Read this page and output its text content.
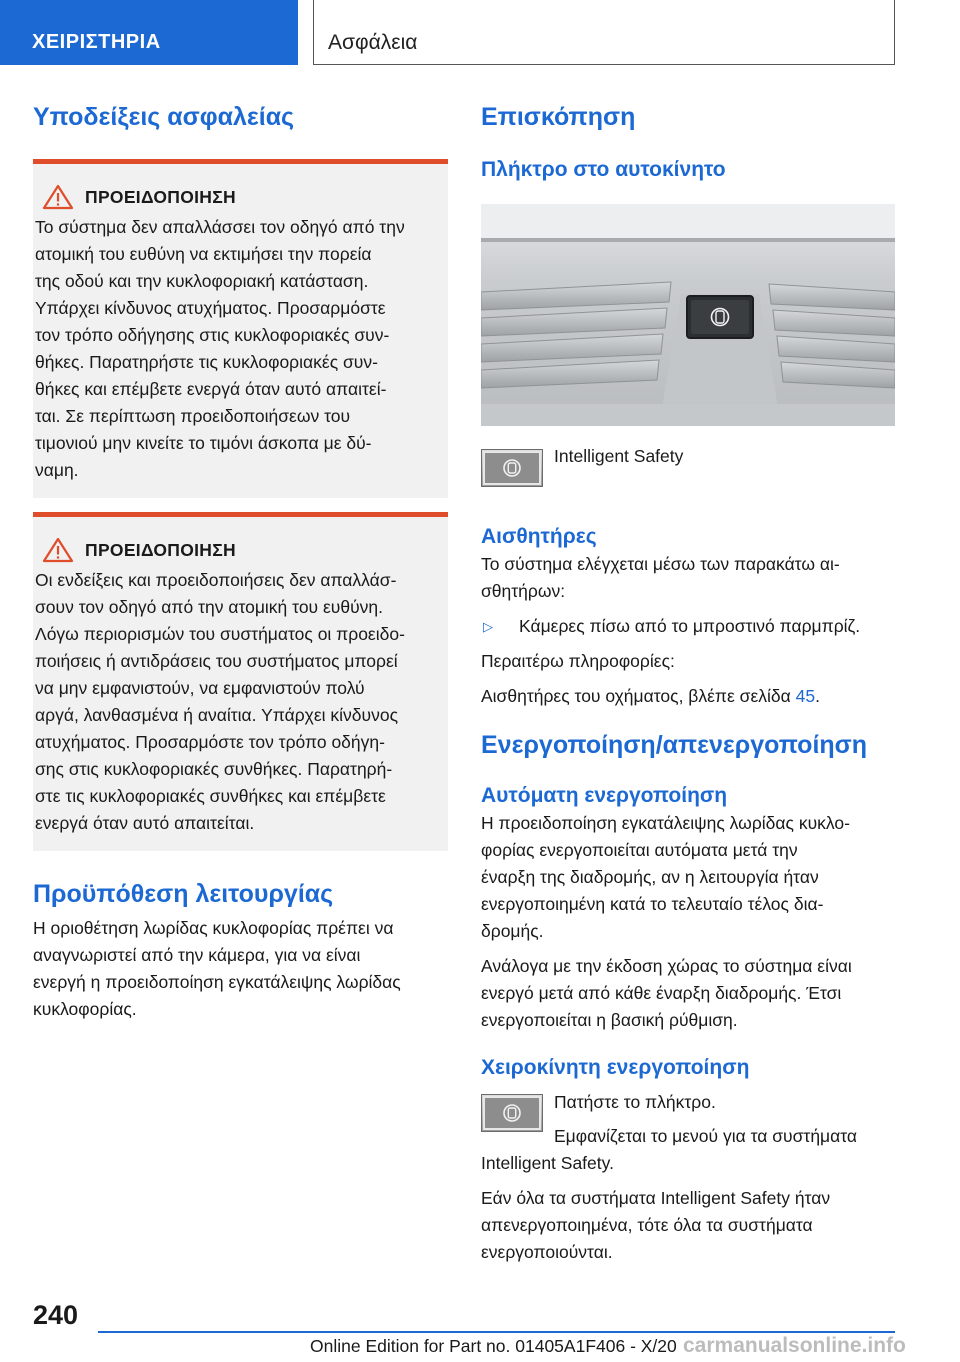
ΧΕΙΡΙΣΤΗΡΙΑ	Ασφάλεια
Υποδείξεις ασφαλείας
ΠΡΟΕΙΔΟΠΟΙΗΣΗ

Το σύστημα δεν απαλλάσσει τον οδηγό από την
ατομική του ευθύνη να εκτιμήσει την πορεία
της οδού και την κυκλοφοριακή κατάσταση.
Υπάρχει κίνδυνος ατυχήματος. Προσαρμόστε
τον τρόπο οδήγησης στις κυκλοφοριακές συν‐
θήκες. Παρατηρήστε τις κυκλοφοριακές συν‐
θήκες και επέμβετε ενεργά όταν αυτό απαιτεί‐
ται. Σε περίπτωση προειδοποιήσεων του
τιμονιού μην κινείτε το τιμόνι άσκοπα με δύ‐
ναμη.

ΠΡΟΕΙΔΟΠΟΙΗΣΗ

Οι ενδείξεις και προειδοποιήσεις δεν απαλλάσ‐
σουν τον οδηγό από την ατομική του ευθύνη.
Λόγω περιορισμών του συστήματος οι προειδο‐
ποιήσεις ή αντιδράσεις του συστήματος μπορεί
να μην εμφανιστούν, να εμφανιστούν πολύ
αργά, λανθασμένα ή αναίτια. Υπάρχει κίνδυνος
ατυχήματος. Προσαρμόστε τον τρόπο οδήγη‐
σης στις κυκλοφοριακές συνθήκες. Παρατηρή‐
στε τις κυκλοφοριακές συνθήκες και επέμβετε
ενεργά όταν αυτό απαιτείται.

Προϋπόθεση λειτουργίας

Η οριοθέτηση λωρίδας κυκλοφορίας πρέπει να
αναγνωριστεί από την κάμερα, για να είναι
ενεργή η προειδοποίηση εγκατάλειψης λωρίδας
κυκλοφορίας.

Επισκόπηση
Πλήκτρο στο αυτοκίνητο
Intelligent Safety
Αισθητήρες

Το σύστημα ελέγχεται μέσω των παρακάτω αι‐
σθητήρων:

▷	Κάμερες πίσω από το μπροστινό παρμπρίζ.

Περαιτέρω πληροφορίες:

Αισθητήρες του οχήματος, βλέπε σελίδα 45.

Ενεργοποίηση/απενεργοποίηση
Αυτόματη ενεργοποίηση

Η προειδοποίηση εγκατάλειψης λωρίδας κυκλο‐
φορίας ενεργοποιείται αυτόματα μετά την
έναρξη της διαδρομής, αν η λειτουργία ήταν
ενεργοποιημένη κατά το τελευταίο τέλος δια‐
δρομής.

Ανάλογα με την έκδοση χώρας το σύστημα είναι
ενεργό μετά από κάθε έναρξη διαδρομής. Έτσι
ενεργοποιείται η βασική ρύθμιση.

Χειροκίνητη ενεργοποίηση

Πατήστε το πλήκτρο.

Εμφανίζεται το μενού για τα συστήματα

Intelligent Safety.

Εάν όλα τα συστήματα Intelligent Safety ήταν
απενεργοποιημένα, τότε όλα τα συστήματα
ενεργοποιούνται.

240
Online Edition for Part no. 01405A1F406 - X/20 carmanualsonline.info
